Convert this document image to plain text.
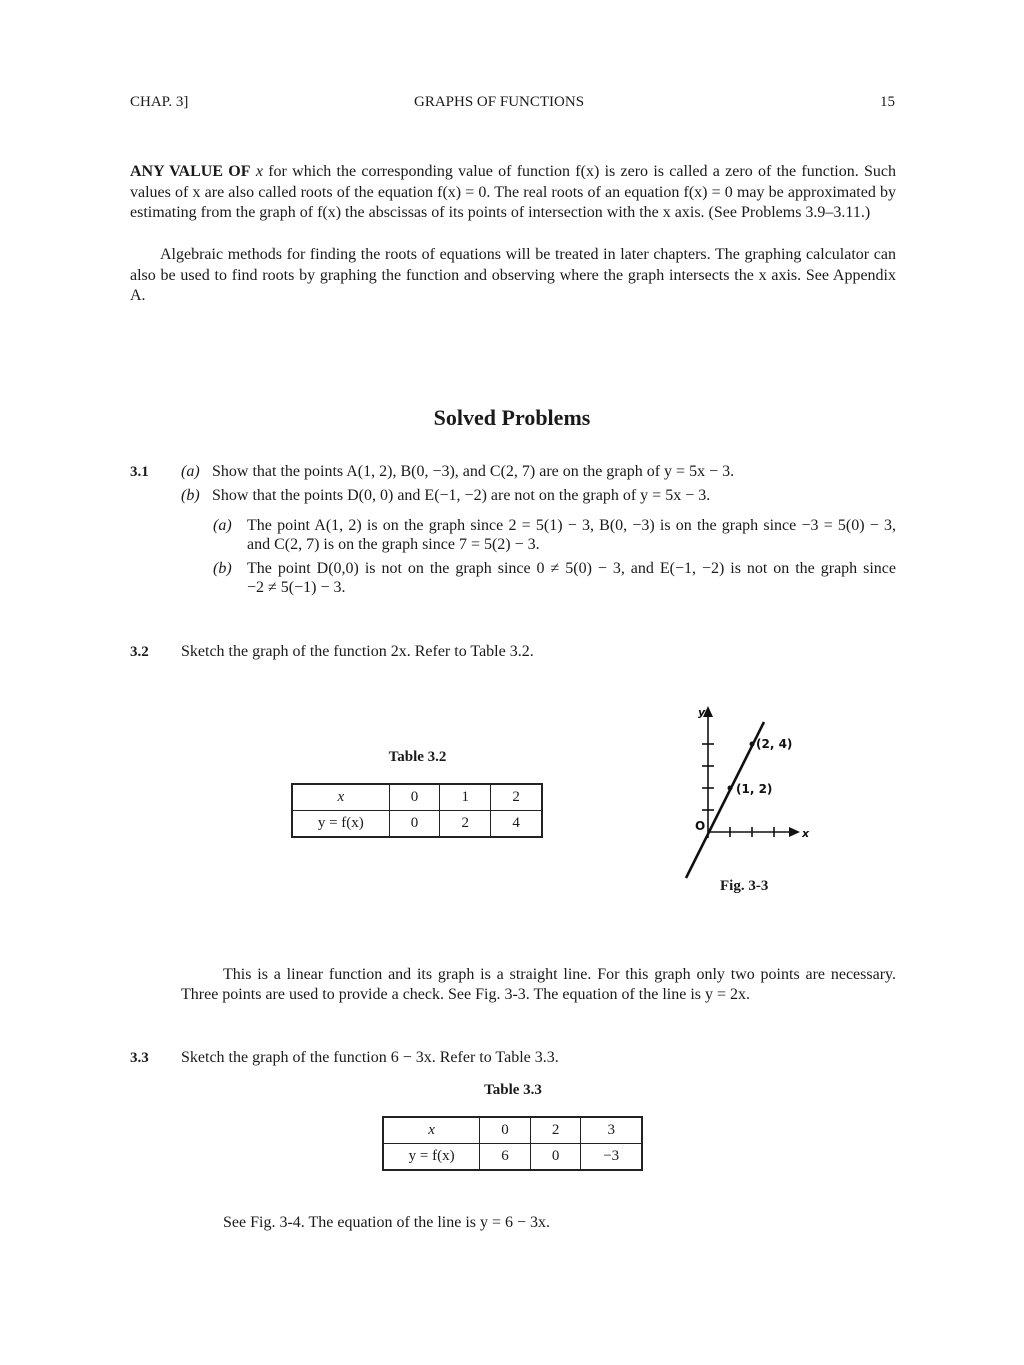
CHAP. 3]	GRAPHS OF FUNCTIONS	15
ANY VALUE OF x for which the corresponding value of function f(x) is zero is called a zero of the function. Such values of x are also called roots of the equation f(x) = 0. The real roots of an equation f(x) = 0 may be approximated by estimating from the graph of f(x) the abscissas of its points of intersection with the x axis. (See Problems 3.9–3.11.)
Algebraic methods for finding the roots of equations will be treated in later chapters. The graphing calculator can also be used to find roots by graphing the function and observing where the graph intersects the x axis. See Appendix A.
Solved Problems
3.1 (a) Show that the points A(1, 2), B(0, −3), and C(2, 7) are on the graph of y = 5x − 3.
(b) Show that the points D(0, 0) and E(−1, −2) are not on the graph of y = 5x − 3.
(a) The point A(1, 2) is on the graph since 2 = 5(1) − 3, B(0, −3) is on the graph since −3 = 5(0) − 3,
and C(2, 7) is on the graph since 7 = 5(2) − 3.
(b) The point D(0,0) is not on the graph since 0 ≠ 5(0) − 3, and E(−1, −2) is not on the graph since
−2 ≠ 5(−1) − 3.
3.2 Sketch the graph of the function 2x. Refer to Table 3.2.
Table 3.2
x	0	1	2
y = f(x)	0	2	4
y
x
O
(2, 4)
(1, 2)
Fig. 3-3
This is a linear function and its graph is a straight line. For this graph only two points are necessary.
Three points are used to provide a check. See Fig. 3-3. The equation of the line is y = 2x.
3.3 Sketch the graph of the function 6 − 3x. Refer to Table 3.3.
Table 3.3
x	0	2	3
y = f(x)	6	0	−3
See Fig. 3-4. The equation of the line is y = 6 − 3x.
